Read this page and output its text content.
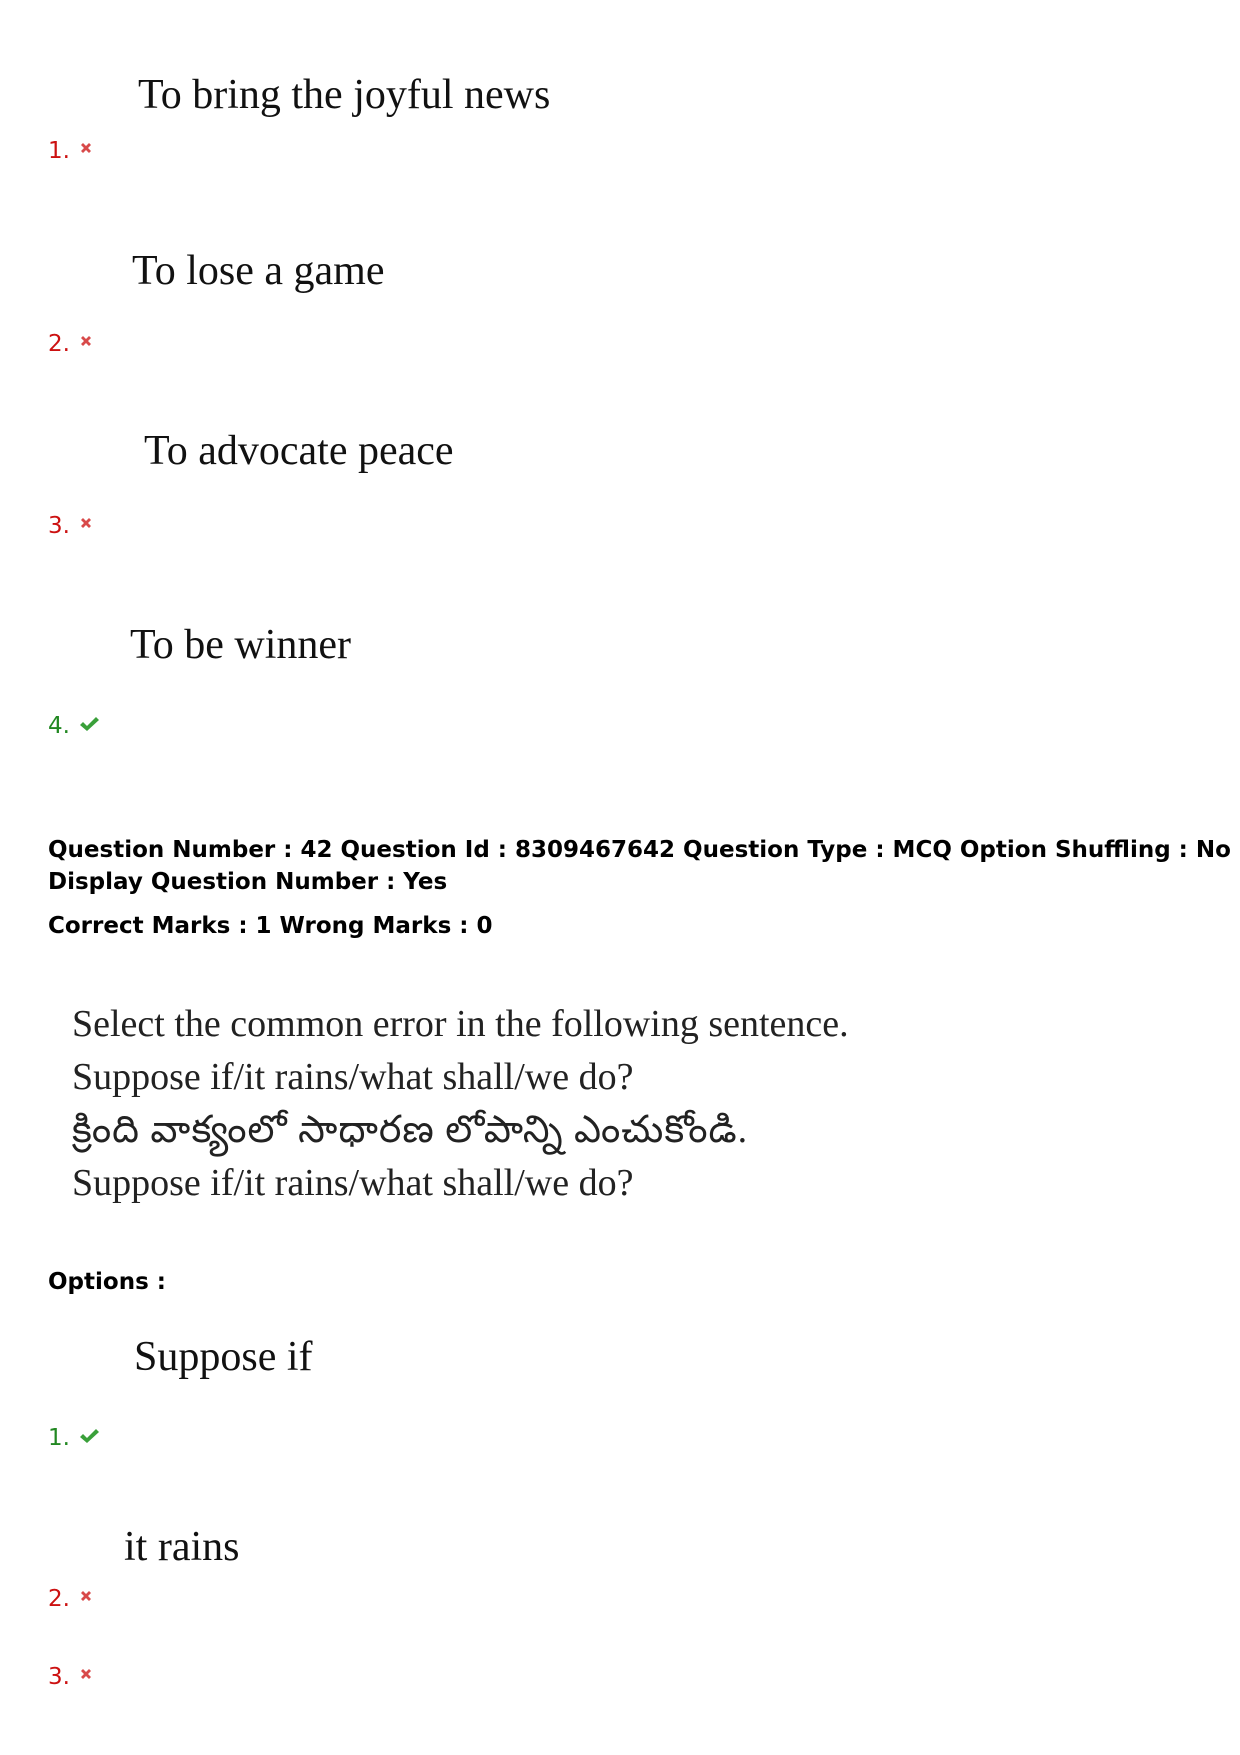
To bring the joyful news
1.
To lose a game
2.
To advocate peace
3.
To be winner
4.
Question Number : 42 Question Id : 8309467642 Question Type : MCQ Option Shuffling : No
Display Question Number : Yes
Correct Marks : 1 Wrong Marks : 0
Select the common error in the following sentence.
Suppose if/it rains/what shall/we do?
క్రింది వాక్యంలో సాధారణ లోపాన్ని ఎంచుకోండి.
Suppose if/it rains/what shall/we do?
Options :
Suppose if
1.
it rains
2.
3.
